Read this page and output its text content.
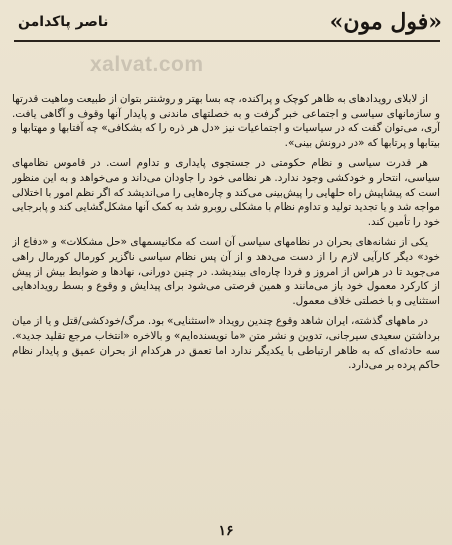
«فول مون»
ناصر پاکدامن
xalvat.com

از لابلای رویدادهای به ظاهر کوچک و پراکنده، چه بسا بهتر و روشنتر بتوان از طبیعت وماهیت قدرتها و سازمانهای سیاسی و اجتماعی خبر گرفت و به خصلتهای ماندنی و پایدار آنها وقوف و آگاهی یافت. آری، می‌توان گفت که در سیاسیات و اجتماعیات نیز «دل هر ذره را که بشکافی» چه آفتابها و مهتابها و بیتابها و پرتابها که «در درونش بینی».

هر قدرت سیاسی و نظام حکومتی در جستجوی پایداری و تداوم است. در قاموس نظامهای سیاسی، انتحار و خودکشی وجود ندارد. هر نظامی خود را جاودان می‌داند و می‌خواهد و به این منظور است که پیشاپیش راه حلهایی را پیش‌بینی می‌کند و چاره‌هایی را می‌اندیشد که اگر نظم امور با اختلالی مواجه شد و یا تجدید تولید و تداوم نظام با مشکلی روبرو شد به کمک آنها مشکل‌گشایی کند و پابرجایی خود را تأمین کند.

یکی از نشانه‌های بحران در نظامهای سیاسی آن است که مکانیسمهای «حل مشکلات» و «دفاع از خود» دیگر کارآیی لازم را از دست می‌دهد و از آن پس نظام سیاسی ناگزیر کورمال کورمال راهی می‌جوید تا در هراس از امروز و فردا چاره‌ای بیندیشد. در چنین دورانی، نهادها و ضوابط بیش از پیش از کارکرد معمول خود باز می‌مانند و همین فرصتی می‌شود برای پیدایش و وقوع و بسط رویدادهایی استثنایی و با خصلتی خلاف معمول.

در ماههای گذشته، ایران شاهد وقوع چندین رویداد «استثنایی» بود. مرگ/خودکشی/قتل و یا از میان برداشتن سعیدی سیرجانی، تدوین و نشر متن «ما نویسنده‌ایم» و بالاخره «انتخاب مرجع تقلید جدید». سه حادثه‌ای که به ظاهر ارتباطی با یکدیگر ندارد اما تعمق در هرکدام از بحران عمیق و پایدار نظام حاکم پرده بر می‌دارد.

۱۶
